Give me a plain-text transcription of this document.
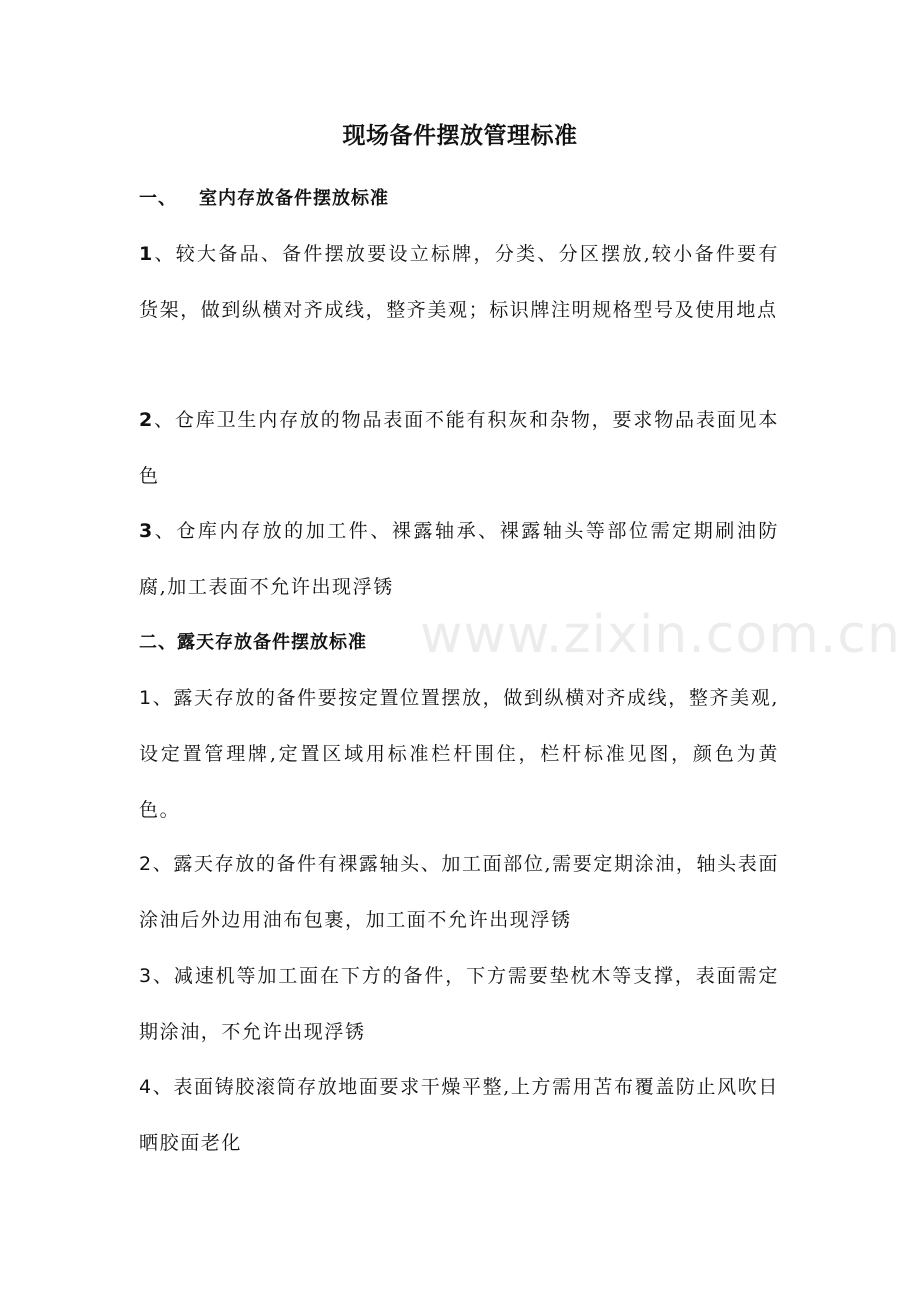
www.zixin.com.cn
现场备件摆放管理标准
一、 室内存放备件摆放标准
1、较大备品、备件摆放要设立标牌，分类、分区摆放,较小备件要有货架，做到纵横对齐成线，整齐美观；标识牌注明规格型号及使用地点
2、仓库卫生内存放的物品表面不能有积灰和杂物，要求物品表面见本色
3、仓库内存放的加工件、裸露轴承、裸露轴头等部位需定期刷油防腐,加工表面不允许出现浮锈
二、露天存放备件摆放标准
1、露天存放的备件要按定置位置摆放，做到纵横对齐成线，整齐美观,设定置管理牌,定置区域用标准栏杆围住，栏杆标准见图，颜色为黄色。
2、露天存放的备件有裸露轴头、加工面部位,需要定期涂油，轴头表面涂油后外边用油布包裹，加工面不允许出现浮锈
3、减速机等加工面在下方的备件，下方需要垫枕木等支撑，表面需定期涂油，不允许出现浮锈
4、表面铸胶滚筒存放地面要求干燥平整,上方需用苫布覆盖防止风吹日晒胶面老化
